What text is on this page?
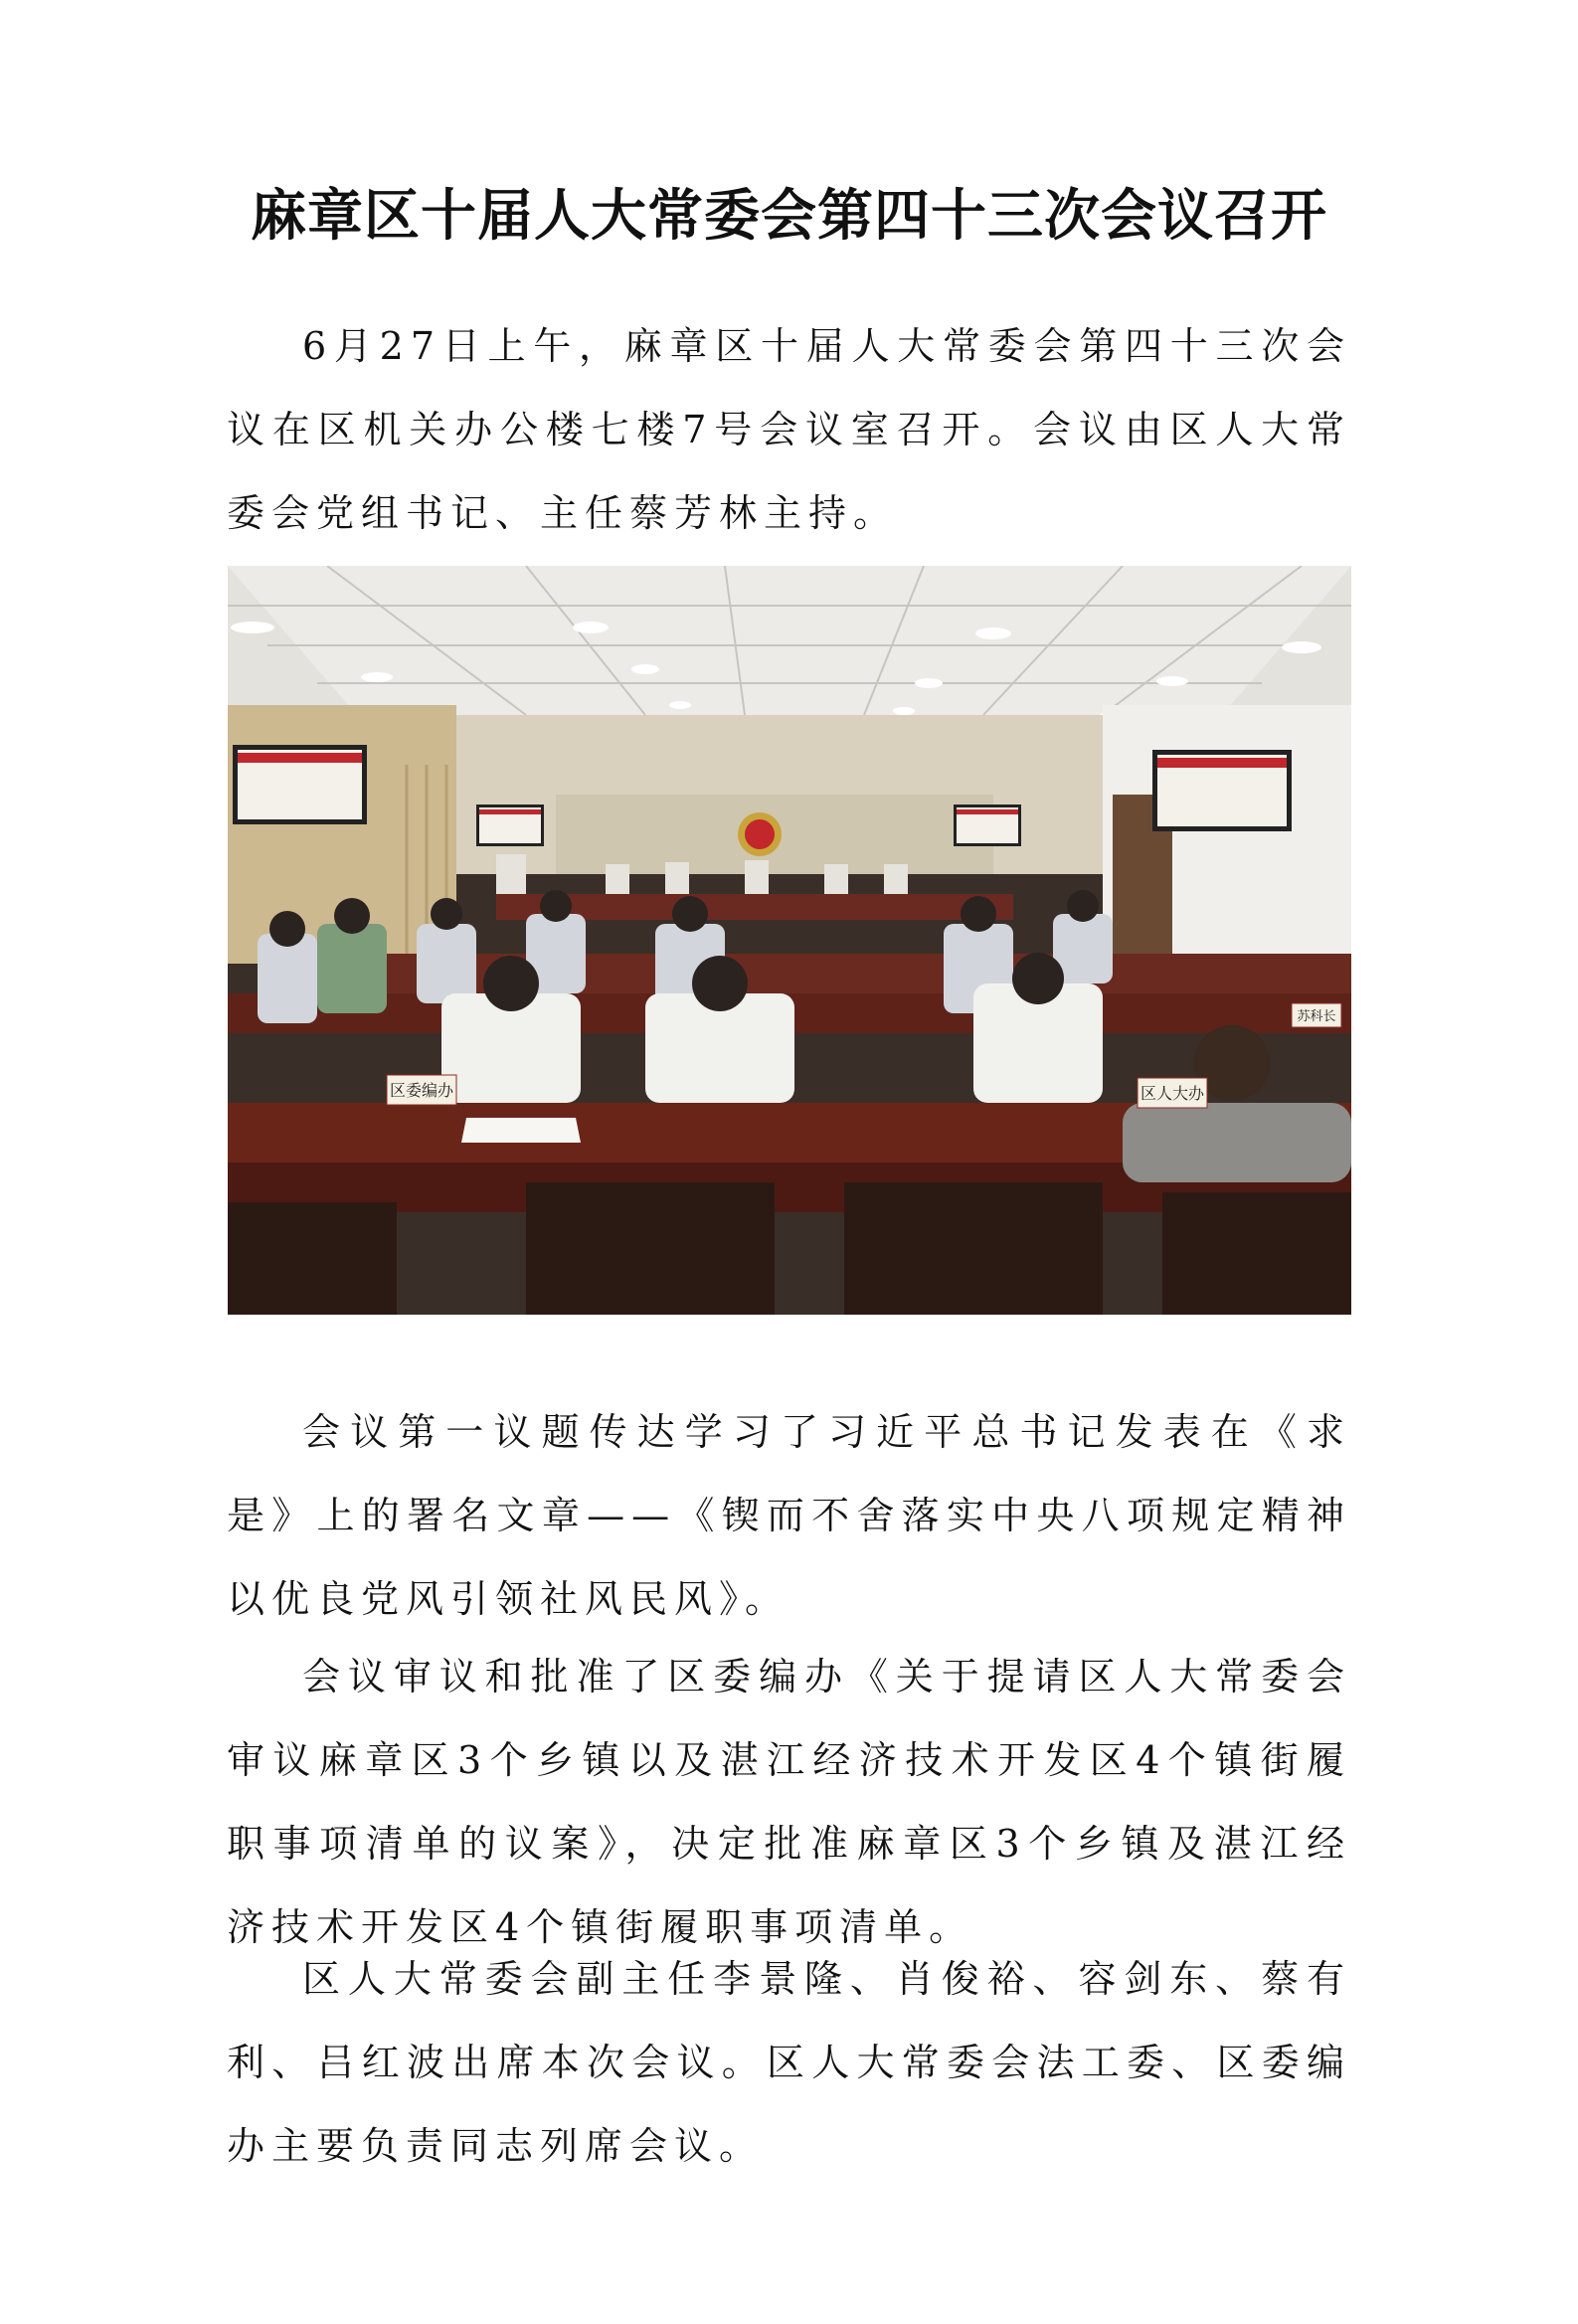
麻章区十届人大常委会第四十三次会议召开

6月27日上午，麻章区十届人大常委会第四十三次会议在区机关办公楼七楼7号会议室召开。会议由区人大常委会党组书记、主任蔡芳林主持。

区委编办	区人大办
苏科长

会议第一议题传达学习了习近平总书记发表在《求是》上的署名文章——《锲而不舍落实中央八项规定精神　以优良党风引领社风民风》。

会议审议和批准了区委编办《关于提请区人大常委会审议麻章区3个乡镇以及湛江经济技术开发区4个镇街履职事项清单的议案》，决定批准麻章区3个乡镇及湛江经济技术开发区4个镇街履职事项清单。

区人大常委会副主任李景隆、肖俊裕、容剑东、蔡有利、吕红波出席本次会议。区人大常委会法工委、区委编办主要负责同志列席会议。
